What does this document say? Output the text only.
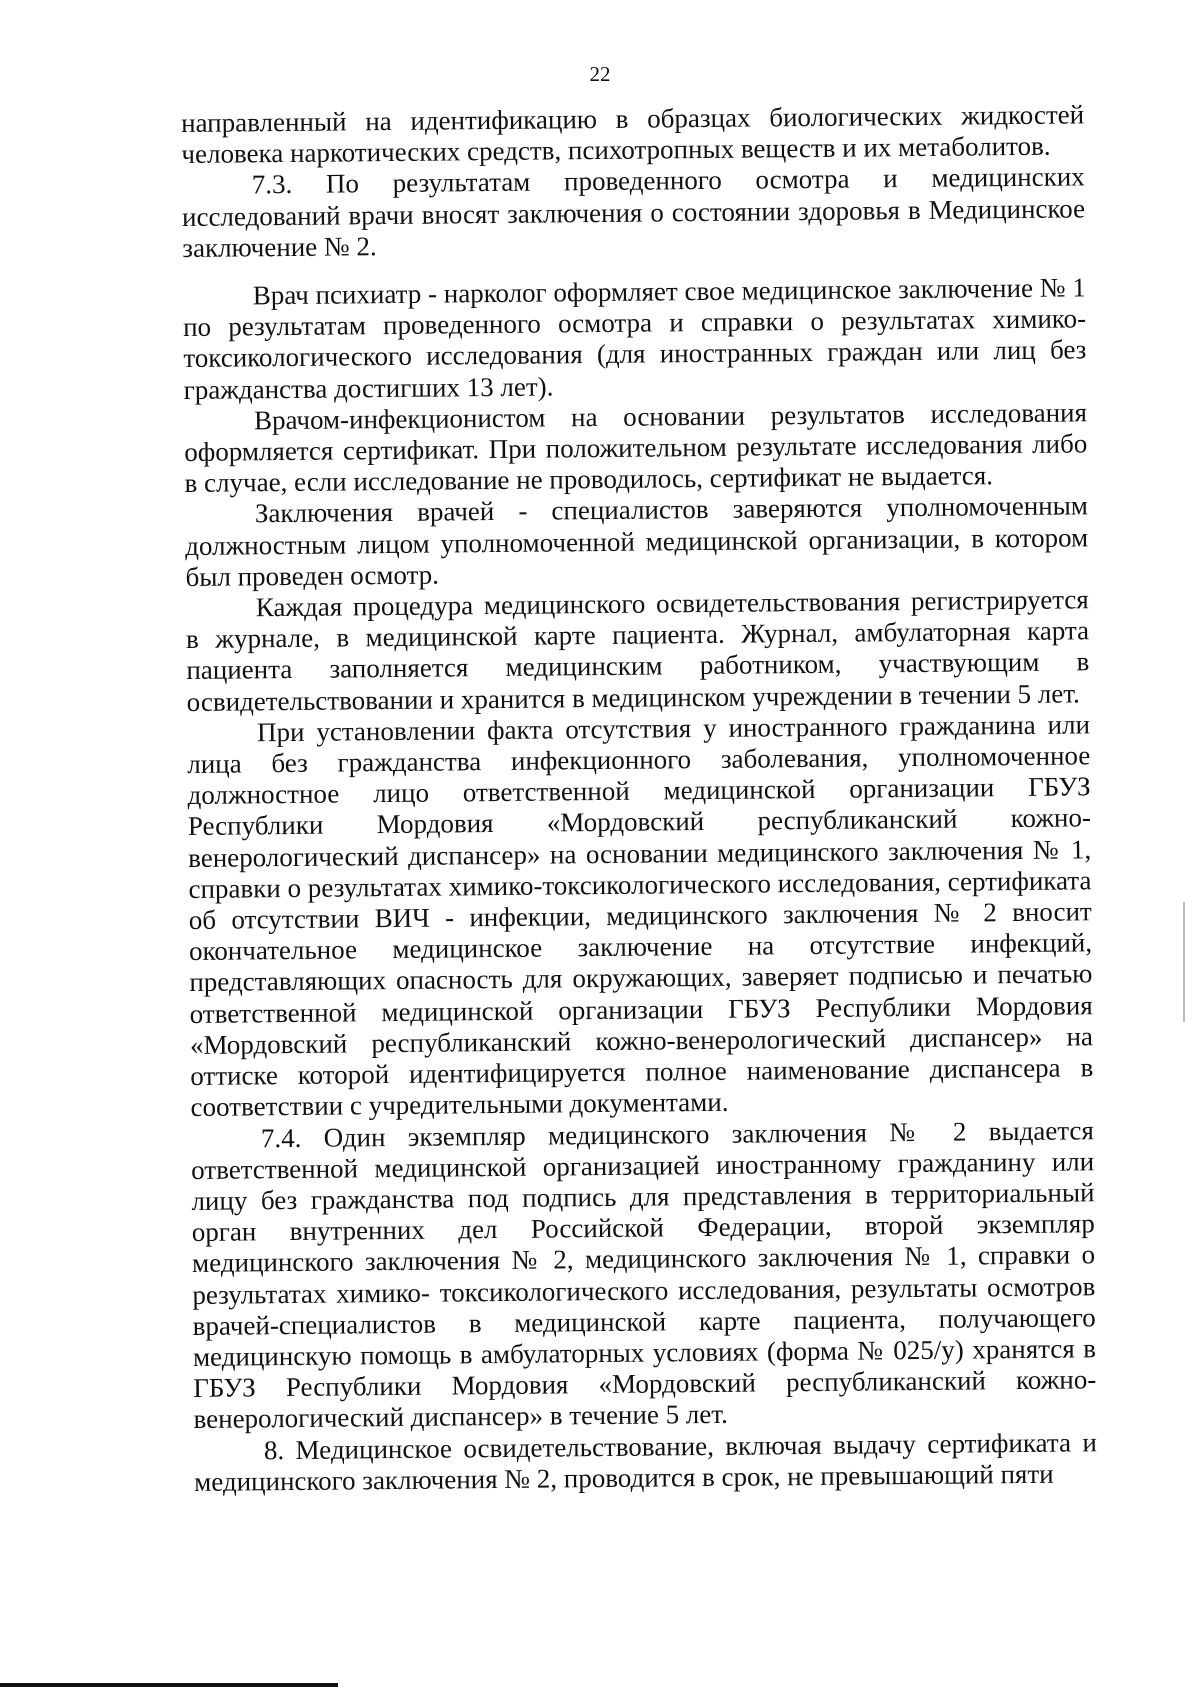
22

направленный на идентификацию в образцах биологических жидкостей человека наркотических средств, психотропных веществ и их метаболитов.

7.3. По результатам проведенного осмотра и медицинских исследований врачи вносят заключения о состоянии здоровья в Медицинское заключение № 2.

Врач психиатр - нарколог оформляет свое медицинское заключение № 1 по результатам проведенного осмотра и справки о результатах химико-токсикологического исследования (для иностранных граждан или лиц без гражданства достигших 13 лет).

Врачом-инфекционистом на основании результатов исследования оформляется сертификат. При положительном результате исследования либо в случае, если исследование не проводилось, сертификат не выдается.

Заключения врачей - специалистов заверяются уполномоченным должностным лицом уполномоченной медицинской организации, в котором был проведен осмотр.

Каждая процедура медицинского освидетельствования регистрируется в журнале, в медицинской карте пациента. Журнал, амбулаторная карта пациента заполняется медицинским работником, участвующим в освидетельствовании и хранится в медицинском учреждении в течении 5 лет.

При установлении факта отсутствия у иностранного гражданина или лица без гражданства инфекционного заболевания, уполномоченное должностное лицо ответственной медицинской организации ГБУЗ Республики Мордовия «Мордовский республиканский кожно-венерологический диспансер» на основании медицинского заключения № 1, справки о результатах химико-токсикологического исследования, сертификата об отсутствии ВИЧ - инфекции, медицинского заключения № 2 вносит окончательное медицинское заключение на отсутствие инфекций, представляющих опасность для окружающих, заверяет подписью и печатью ответственной медицинской организации ГБУЗ Республики Мордовия «Мордовский республиканский кожно-венерологический диспансер» на оттиске которой идентифицируется полное наименование диспансера в соответствии с учредительными документами.

7.4. Один экземпляр медицинского заключения № 2 выдается ответственной медицинской организацией иностранному гражданину или лицу без гражданства под подпись для представления в территориальный орган внутренних дел Российской Федерации, второй экземпляр медицинского заключения № 2, медицинского заключения № 1, справки о результатах химико- токсикологического исследования, результаты осмотров врачей-специалистов в медицинской карте пациента, получающего медицинскую помощь в амбулаторных условиях (форма № 025/у) хранятся в ГБУЗ Республики Мордовия «Мордовский республиканский кожно-венерологический диспансер» в течение 5 лет.

8. Медицинское освидетельствование, включая выдачу сертификата и медицинского заключения № 2, проводится в срок, не превышающий пяти
